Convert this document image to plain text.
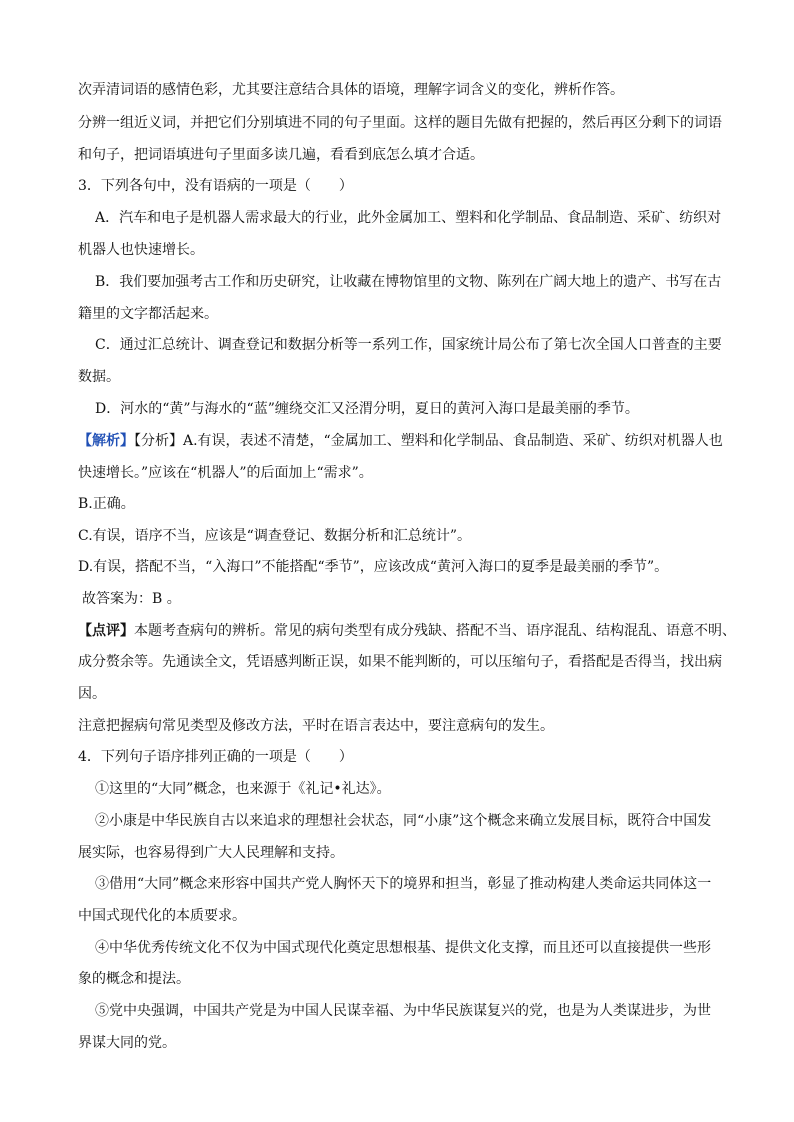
次弄清词语的感情色彩，尤其要注意结合具体的语境，理解字词含义的变化，辨析作答。
分辨一组近义词，并把它们分别填进不同的句子里面。这样的题目先做有把握的，然后再区分剩下的词语
和句子，把词语填进句子里面多读几遍，看看到底怎么填才合适。
3．下列各句中，没有语病的一项是（　　）
A．汽车和电子是机器人需求最大的行业，此外金属加工、塑料和化学制品、食品制造、采矿、纺织对
机器人也快速增长。
B．我们要加强考古工作和历史研究，让收藏在博物馆里的文物、陈列在广阔大地上的遗产、书写在古
籍里的文字都活起来。
C．通过汇总统计、调查登记和数据分析等一系列工作，国家统计局公布了第七次全国人口普查的主要
数据。
D．河水的“黄”与海水的“蓝”缠绕交汇又泾渭分明，夏日的黄河入海口是最美丽的季节。
【解析】【分析】A.有误，表述不清楚，“金属加工、塑料和化学制品、食品制造、采矿、纺织对机器人也
快速增长。”应该在“机器人”的后面加上“需求”。
B.正确。
C.有误，语序不当，应该是“调查登记、数据分析和汇总统计”。
D.有误，搭配不当，“入海口”不能搭配“季节”，应该改成“黄河入海口的夏季是最美丽的季节”。
故答案为：B 。
【点评】本题考查病句的辨析。常见的病句类型有成分残缺、搭配不当、语序混乱、结构混乱、语意不明、
成分赘余等。先通读全文，凭语感判断正误，如果不能判断的，可以压缩句子，看搭配是否得当，找出病
因。
注意把握病句常见类型及修改方法，平时在语言表达中，要注意病句的发生。
4．下列句子语序排列正确的一项是（　　）
①这里的“大同”概念，也来源于《礼记•礼达》。
②小康是中华民族自古以来追求的理想社会状态，同“小康”这个概念来确立发展目标，既符合中国发
展实际，也容易得到广大人民理解和支持。
③借用“大同”概念来形容中国共产党人胸怀天下的境界和担当，彰显了推动构建人类命运共同体这一
中国式现代化的本质要求。
④中华优秀传统文化不仅为中国式现代化奠定思想根基、提供文化支撑，而且还可以直接提供一些形
象的概念和提法。
⑤党中央强调，中国共产党是为中国人民谋幸福、为中华民族谋复兴的党，也是为人类谋进步，为世
界谋大同的党。
